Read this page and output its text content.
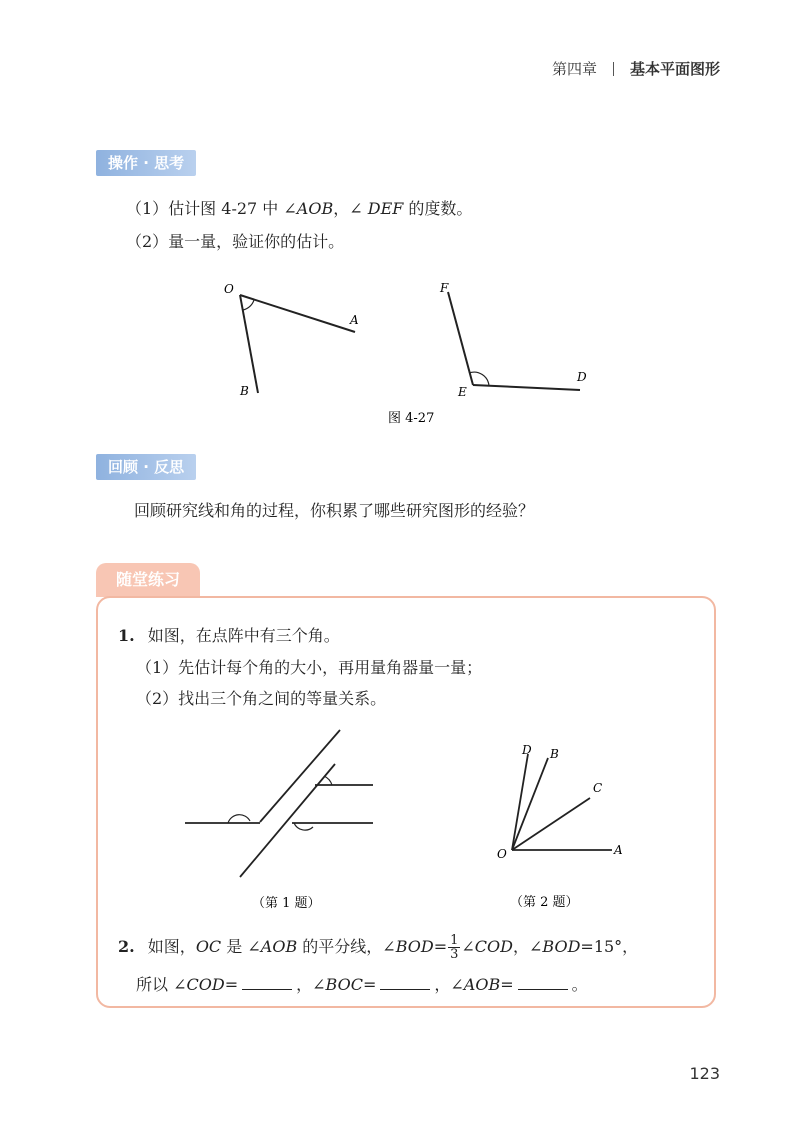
第四章 基本平面图形
操作 · 思考
（1）估计图 4-27 中 ∠AOB，∠ DEF 的度数。
（2）量一量，验证你的估计。
O
A
B
F
E
D
图 4-27
回顾 · 反思
回顾研究线和角的过程，你积累了哪些研究图形的经验？
随堂练习
1. 如图，在点阵中有三个角。
（1）先估计每个角的大小，再用量角器量一量；
（2）找出三个角之间的等量关系。
（第 1 题）
D B
C
O	A
（第 2 题）
2. 如图，OC 是 ∠AOB 的平分线，∠BOD= $\frac{1}{3}$ ∠COD，∠BOD=15°，
所以 ∠COD=	，∠BOC=	，∠AOB=	。
123
